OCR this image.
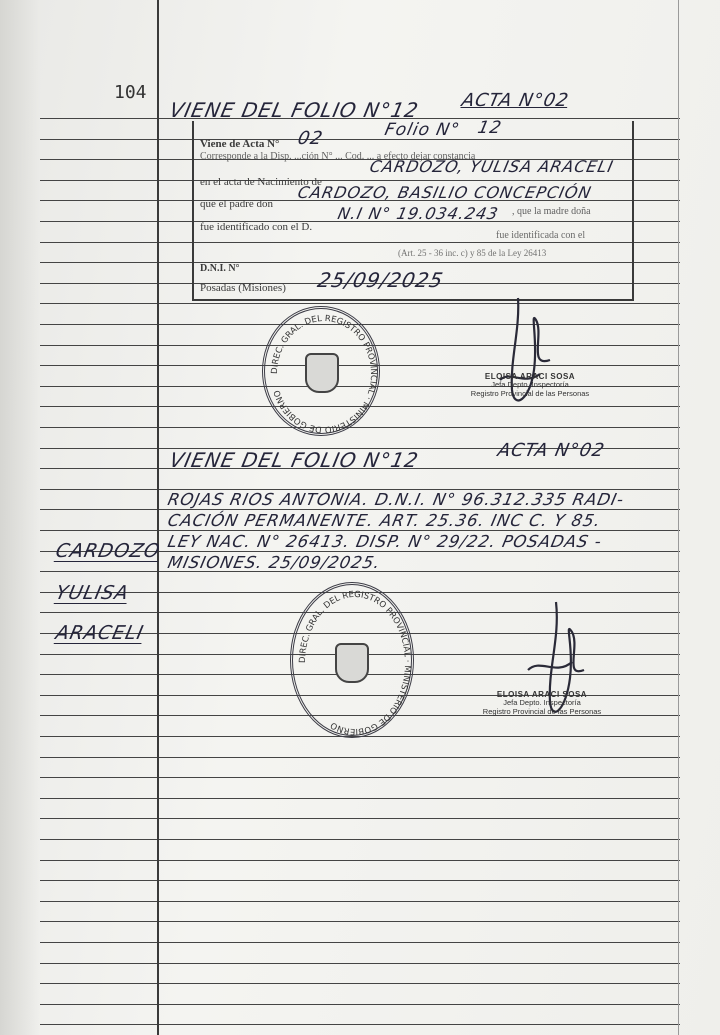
104
VIENE DEL FOLIO N°12 ACTA N°02
Viene de Acta N° 02	Folio N° 12
Corresponde a la Disp. ...ción N° ... Cod. ... a efecto dejar constancia
en el acta de Nacimiento de
CARDOZO, YULISA ARACELI
que el padre don
CARDOZO, BASILIO CONCEPCIÓN
fue identificado con el D.
N.I N° 19.034.243 , que la madre doña
fue identificada con el
D.N.I. N°
(Art. 25 - 36 inc. c) y 85 de la Ley 26413
Posadas (Misiones) 25/09/2025
DIREC. GRAL. DEL REGISTRO PROVINCIAL · MINISTERIO DE GOBIERNO
ELOISA ARACI SOSA
Jefa Depto. Inspectoría
Registro Provincial de las Personas
VIENE DEL FOLIO N°12	ACTA N°02
ROJAS RIOS ANTONIA. D.N.I. N° 96.312.335 RADI-
CACIÓN PERMANENTE. ART. 25.36. INC C. Y 85.
LEY NAC. N° 26413. DISP. N° 29/22. POSADAS -
MISIONES. 25/09/2025.
DIREC. GRAL. DEL REGISTRO PROVINCIAL · MINISTERIO DE GOBIERNO
ELOISA ARACI SOSA
Jefa Depto. Inspectoría
Registro Provincial de las Personas
CARDOZO
YULISA
ARACELI
